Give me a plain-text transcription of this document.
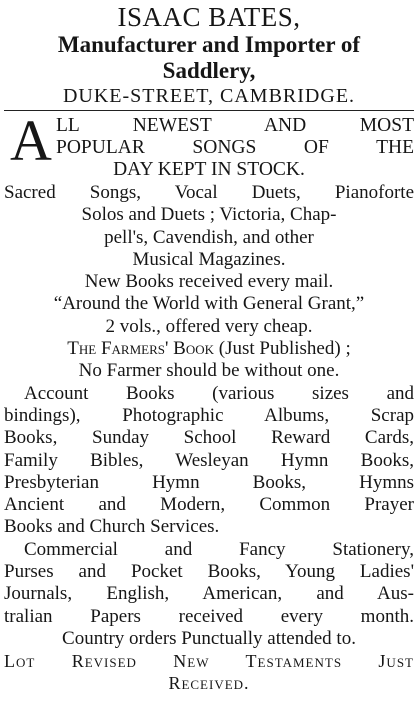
ISAAC BATES,
Manufacturer and Importer of
Saddlery,
DUKE-STREET, CAMBRIDGE.
A LL NEWEST AND MOST
POPULAR SONGS OF THE
DAY KEPT IN STOCK.
Sacred Songs, Vocal Duets, Pianoforte
Solos and Duets ; Victoria, Chap-
pell's, Cavendish, and other
Musical Magazines.
New Books received every mail.
“Around the World with General Grant,”
2 vols., offered very cheap.
The Farmers' Book (Just Published) ;
No Farmer should be without one.
Account Books (various sizes and
bindings), Photographic Albums, Scrap
Books, Sunday School Reward Cards,
Family Bibles, Wesleyan Hymn Books,
Presbyterian Hymn Books, Hymns
Ancient and Modern, Common Prayer
Books and Church Services.
Commercial and Fancy Stationery,
Purses and Pocket Books, Young Ladies'
Journals, English, American, and Aus-
tralian Papers received every month.
Country orders Punctually attended to.
Lot Revised New Testaments Just
Received.
